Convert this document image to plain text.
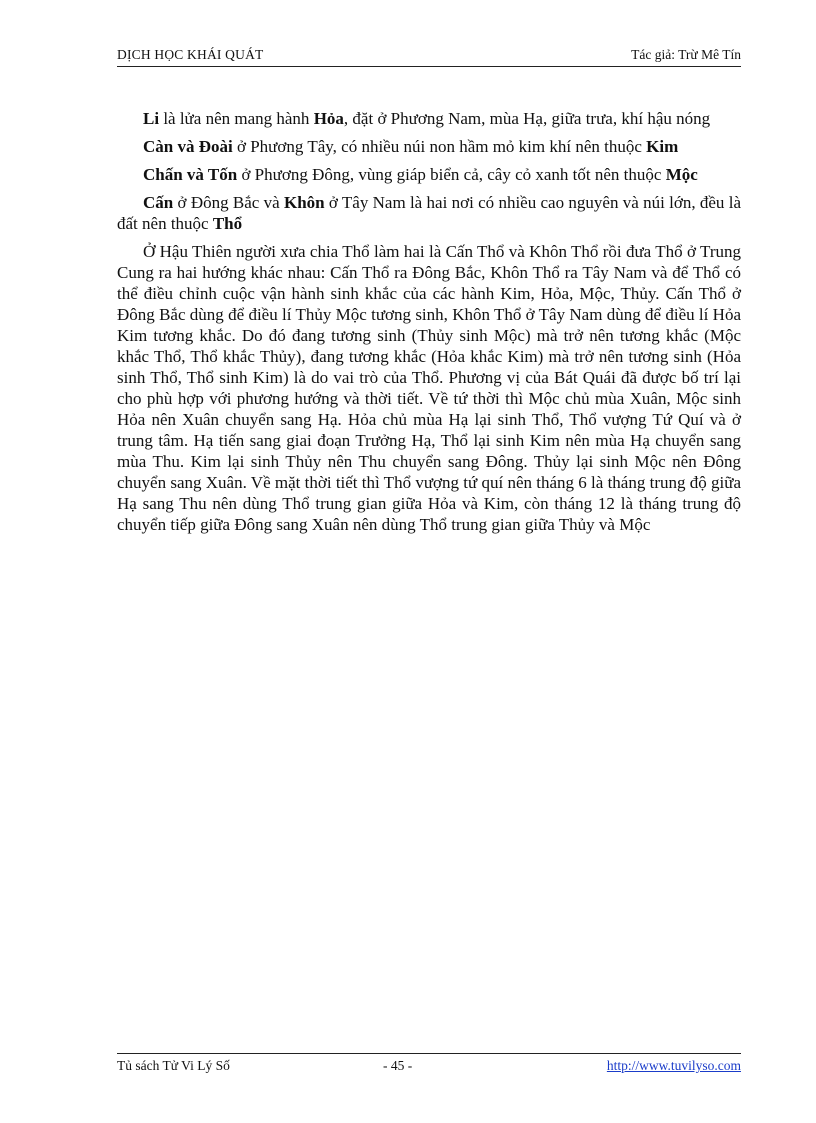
DỊCH HỌC KHÁI QUÁT	Tác giả: Trừ Mê Tín

Li là lửa nên mang hành Hỏa, đặt ở Phương Nam, mùa Hạ, giữa trưa, khí hậu nóng

Càn và Đoài ở Phương Tây, có nhiều núi non hầm mỏ kim khí nên thuộc Kim

Chấn và Tốn ở Phương Đông, vùng giáp biển cả, cây cỏ xanh tốt nên thuộc Mộc

Cấn ở Đông Bắc và Khôn ở Tây Nam là hai nơi có nhiều cao nguyên và núi lớn, đều là đất nên thuộc Thổ

Ở Hậu Thiên người xưa chia Thổ làm hai là Cấn Thổ và Khôn Thổ rồi đưa Thổ ở Trung Cung ra hai hướng khác nhau: Cấn Thổ ra Đông Bắc, Khôn Thổ ra Tây Nam và để Thổ có thể điều chỉnh cuộc vận hành sinh khắc của các hành Kim, Hỏa, Mộc, Thủy. Cấn Thổ ở Đông Bắc dùng để điều lí Thủy Mộc tương sinh, Khôn Thổ ở Tây Nam dùng để điều lí Hỏa Kim tương khắc. Do đó đang tương sinh (Thủy sinh Mộc) mà trở nên tương khắc (Mộc khắc Thổ, Thổ khắc Thủy), đang tương khắc (Hỏa khắc Kim) mà trở nên tương sinh (Hỏa sinh Thổ, Thổ sinh Kim) là do vai trò của Thổ. Phương vị của Bát Quái đã được bố trí lại cho phù hợp với phương hướng và thời tiết. Về tứ thời thì Mộc chủ mùa Xuân, Mộc sinh Hỏa nên Xuân chuyển sang Hạ. Hỏa chủ mùa Hạ lại sinh Thổ, Thổ vượng Tứ Quí và ở trung tâm. Hạ tiến sang giai đoạn Trưởng Hạ, Thổ lại sinh Kim nên mùa Hạ chuyển sang mùa Thu. Kim lại sinh Thủy nên Thu chuyển sang Đông. Thủy lại sinh Mộc nên Đông chuyển sang Xuân. Về mặt thời tiết thì Thổ vượng tứ quí nên tháng 6 là tháng trung độ giữa Hạ sang Thu nên dùng Thổ trung gian giữa Hỏa và Kim, còn tháng 12 là tháng trung độ chuyển tiếp giữa Đông sang Xuân nên dùng Thổ trung gian giữa Thủy và Mộc

Tủ sách Tử Vi Lý Số	- 45 -	http://www.tuvilyso.com
